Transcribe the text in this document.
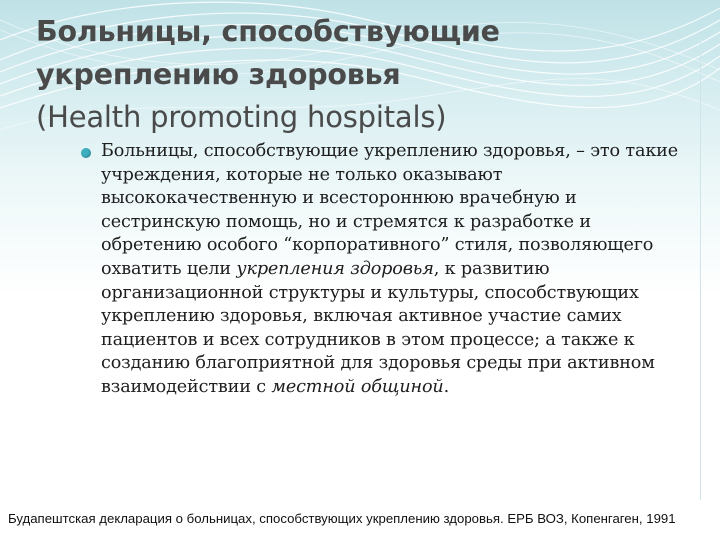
Больницы, способствующие
укреплению здоровья
(Health promoting hospitals)
Больницы, способствующие укреплению здоровья, – это такие учреждения, которые не только оказывают высококачественную и всестороннюю врачебную и сестринскую помощь, но и стремятся к разработке и обретению особого “корпоративного” стиля, позволяющего охватить цели укрепления здоровья, к развитию организационной структуры и культуры, способствующих укреплению здоровья, включая активное участие самих пациентов и всех сотрудников в этом процессе; а также к созданию благоприятной для здоровья среды при активном взаимодействии с местной общиной.
Будапештская декларация о больницах, способствующих укреплению здоровья. ЕРБ ВОЗ, Копенгаген, 1991
